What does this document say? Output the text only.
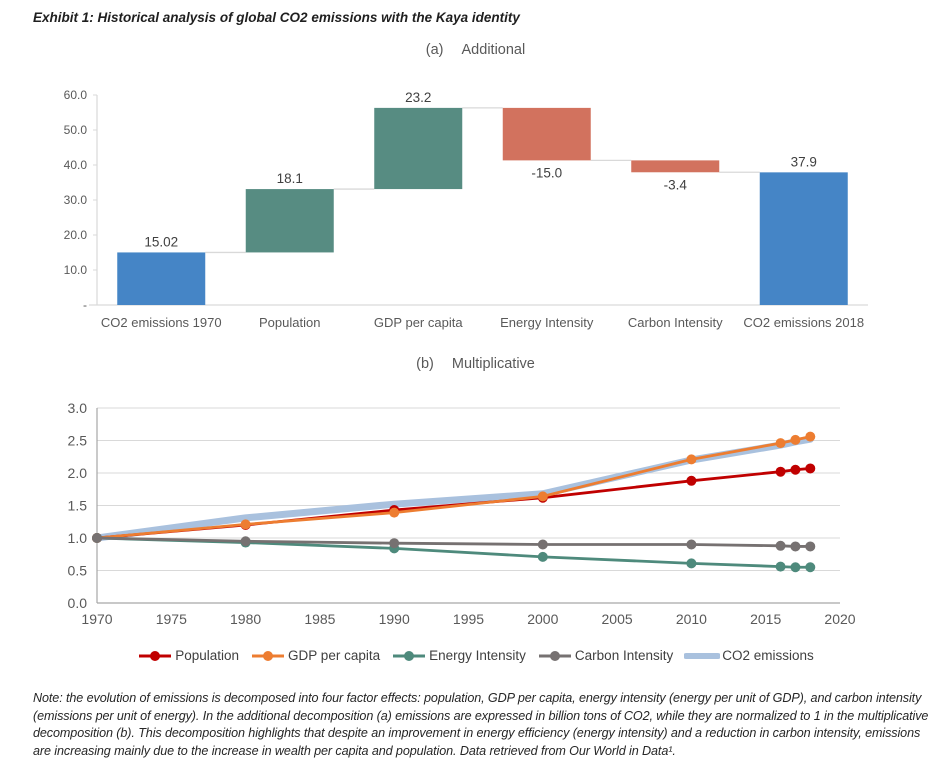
Exhibit 1: Historical analysis of global CO2 emissions with the Kaya identity
(a) Additional
-
10.0
20.0
30.0
40.0
50.0
60.0
15.02
18.1
23.2
-15.0
-3.4
37.9
CO2 emissions 1970	Population	GDP per capita	Energy Intensity	Carbon Intensity CO2 emissions 2018
(b) Multiplicative
0.0
0.5
1.0
1.5
2.0
2.5
3.0
1970	1975	1980	1985	1990	1995	2000	2005	2010	2015	2020
Population	GDP per capita	Energy Intensity	Carbon Intensity	CO2 emissions
Note: the evolution of emissions is decomposed into four factor effects: population, GDP per capita, energy intensity (energy per unit of GDP), and carbon intensity (emissions per unit of energy). In the additional decomposition (a) emissions are expressed in billion tons of CO2, while they are normalized to 1 in the multiplicative decomposition (b). This decomposition highlights that despite an improvement in energy efficiency (energy intensity) and a reduction in carbon intensity, emissions are increasing mainly due to the increase in wealth per capita and population. Data retrieved from Our World in Data¹.
